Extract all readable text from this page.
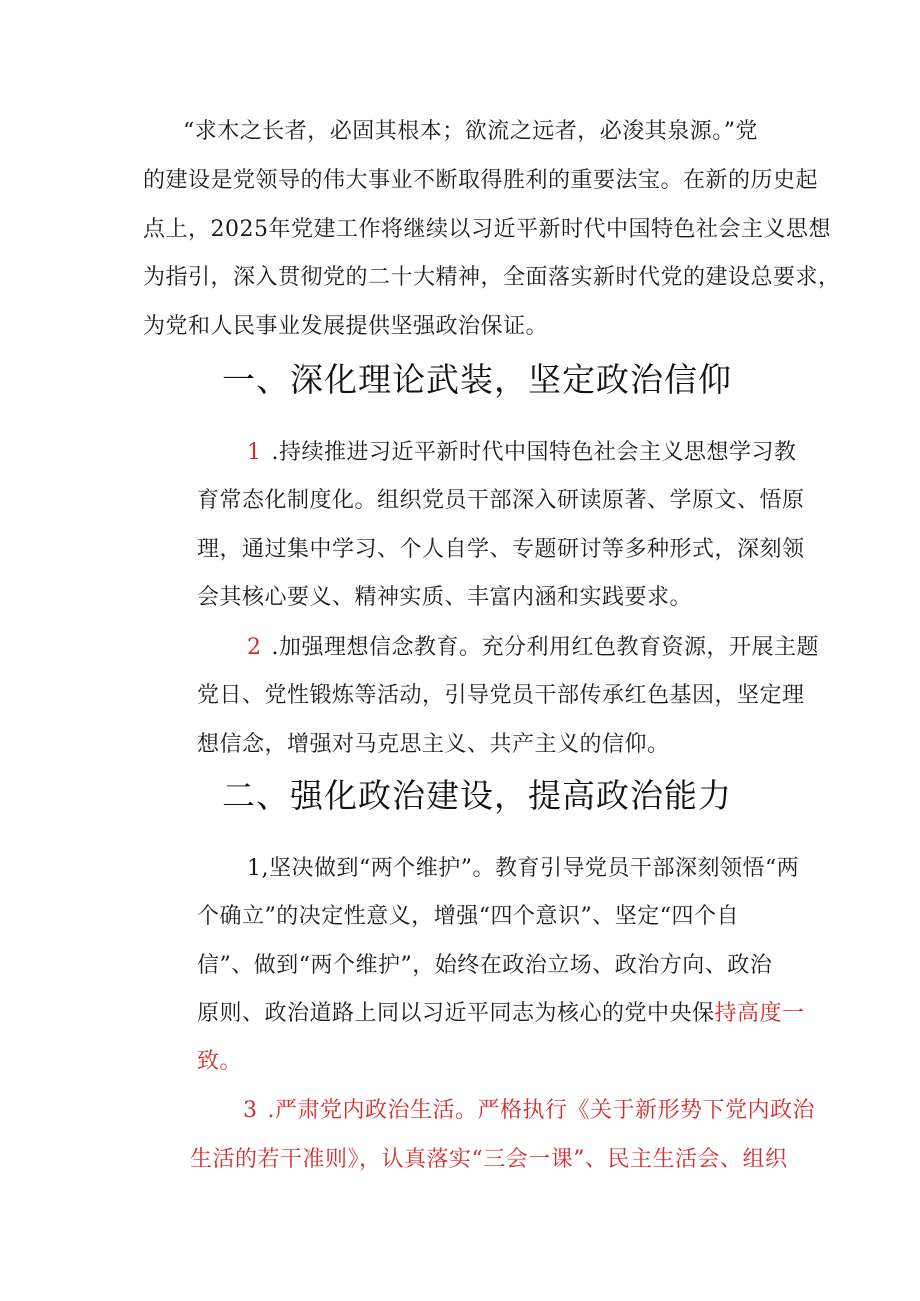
“求木之长者，必固其根本；欲流之远者，必浚其泉源。”党
的建设是党领导的伟大事业不断取得胜利的重要法宝。在新的历史起
点上，2025年党建工作将继续以习近平新时代中国特色社会主义思想
为指引，深入贯彻党的二十大精神，全面落实新时代党的建设总要求，
为党和人民事业发展提供坚强政治保证。
一、深化理论武装，坚定政治信仰
1 .持续推进习近平新时代中国特色社会主义思想学习教
育常态化制度化。组织党员干部深入研读原著、学原文、悟原
理，通过集中学习、个人自学、专题研讨等多种形式，深刻领
会其核心要义、精神实质、丰富内涵和实践要求。
2 .加强理想信念教育。充分利用红色教育资源，开展主题
党日、党性锻炼等活动，引导党员干部传承红色基因，坚定理
想信念，增强对马克思主义、共产主义的信仰。
二、强化政治建设，提高政治能力
1,坚决做到“两个维护”。教育引导党员干部深刻领悟“两
个确立”的决定性意义，增强“四个意识”、坚定“四个自
信”、做到“两个维护”，始终在政治立场、政治方向、政治
原则、政治道路上同以习近平同志为核心的党中央保持高度一
致。
3 .严肃党内政治生活。严格执行《关于新形势下党内政治
生活的若干准则》，认真落实“三会一课”、民主生活会、组织
